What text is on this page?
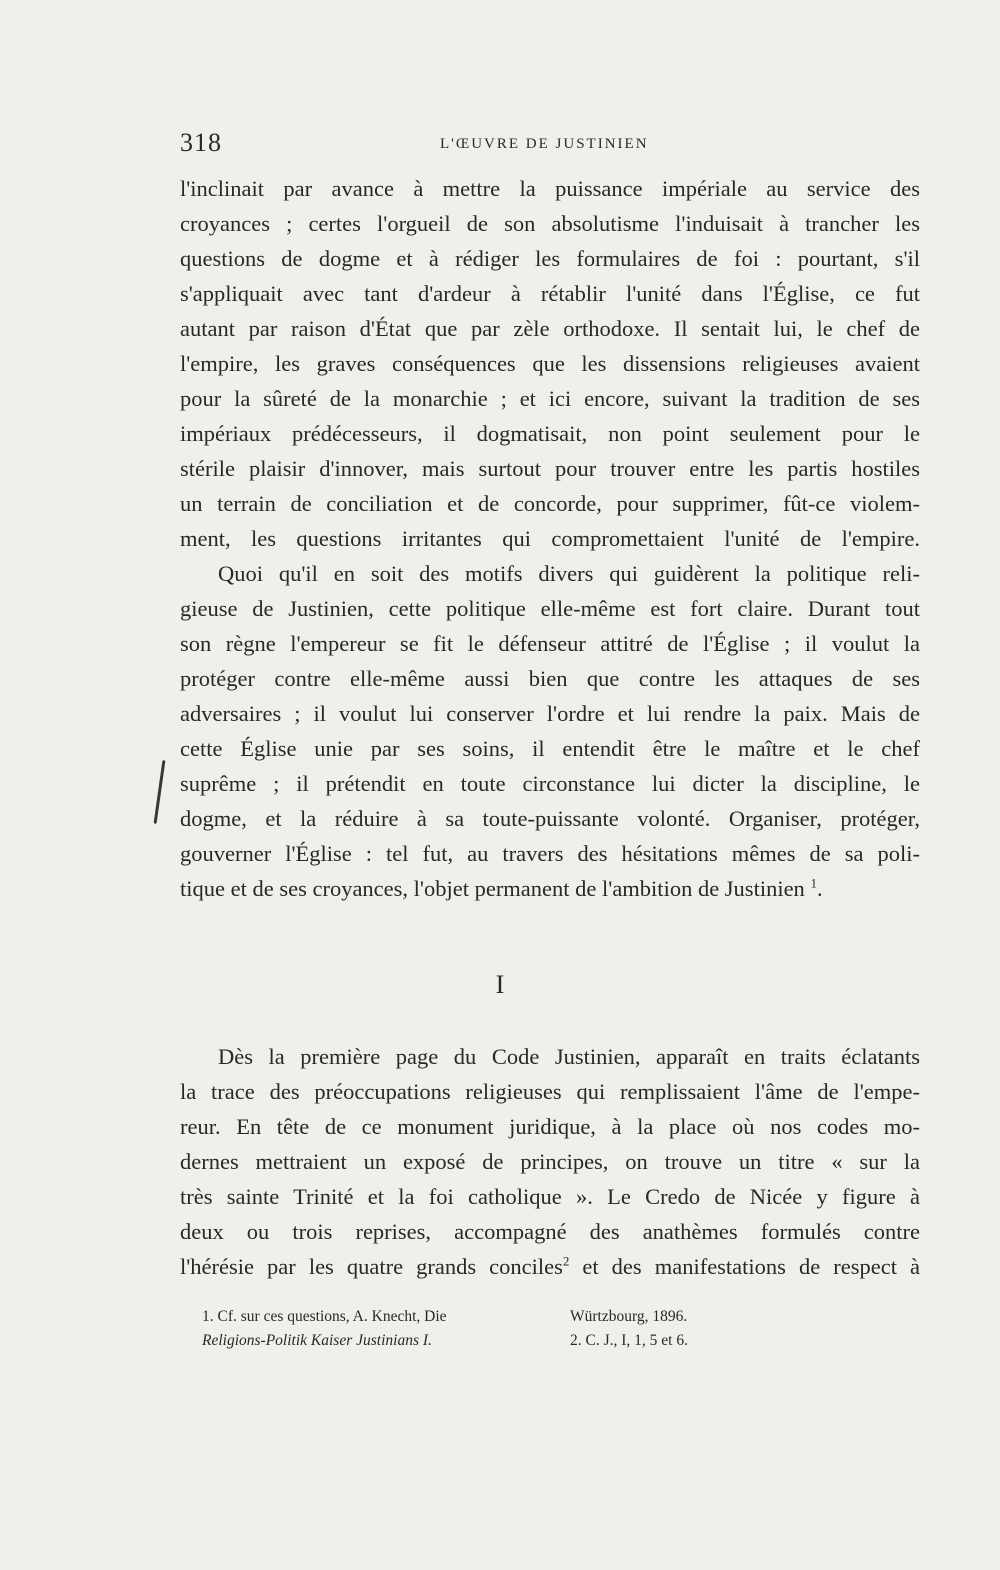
318	L'ŒUVRE DE JUSTINIEN
l'inclinait par avance à mettre la puissance impériale au service des
croyances ; certes l'orgueil de son absolutisme l'induisait à trancher les
questions de dogme et à rédiger les formulaires de foi : pourtant, s'il
s'appliquait avec tant d'ardeur à rétablir l'unité dans l'Église, ce fut
autant par raison d'État que par zèle orthodoxe. Il sentait lui, le chef de
l'empire, les graves conséquences que les dissensions religieuses avaient
pour la sûreté de la monarchie ; et ici encore, suivant la tradition de ses
impériaux prédécesseurs, il dogmatisait, non point seulement pour le
stérile plaisir d'innover, mais surtout pour trouver entre les partis hostiles
un terrain de conciliation et de concorde, pour supprimer, fût-ce violem-
ment, les questions irritantes qui compromettaient l'unité de l'empire.
Quoi qu'il en soit des motifs divers qui guidèrent la politique reli-
gieuse de Justinien, cette politique elle-même est fort claire. Durant tout
son règne l'empereur se fit le défenseur attitré de l'Église ; il voulut la
protéger contre elle-même aussi bien que contre les attaques de ses
adversaires ; il voulut lui conserver l'ordre et lui rendre la paix. Mais de
cette Église unie par ses soins, il entendit être le maître et le chef
suprême ; il prétendit en toute circonstance lui dicter la discipline, le
dogme, et la réduire à sa toute-puissante volonté. Organiser, protéger,
gouverner l'Église : tel fut, au travers des hésitations mêmes de sa poli-
tique et de ses croyances, l'objet permanent de l'ambition de Justinien $^1$.
I
Dès la première page du Code Justinien, apparaît en traits éclatants
la trace des préoccupations religieuses qui remplissaient l'âme de l'empe-
reur. En tête de ce monument juridique, à la place où nos codes mo-
dernes mettraient un exposé de principes, on trouve un titre « sur la
très sainte Trinité et la foi catholique ». Le Credo de Nicée y figure à
deux ou trois reprises, accompagné des anathèmes formulés contre
l'hérésie par les quatre grands conciles$^2$ et des manifestations de respect à
1. Cf. sur ces questions, A. Knecht, Die
Religions-Politik Kaiser Justinians I.
Würtzbourg, 1896.
2. C. J., I, 1, 5 et 6.
